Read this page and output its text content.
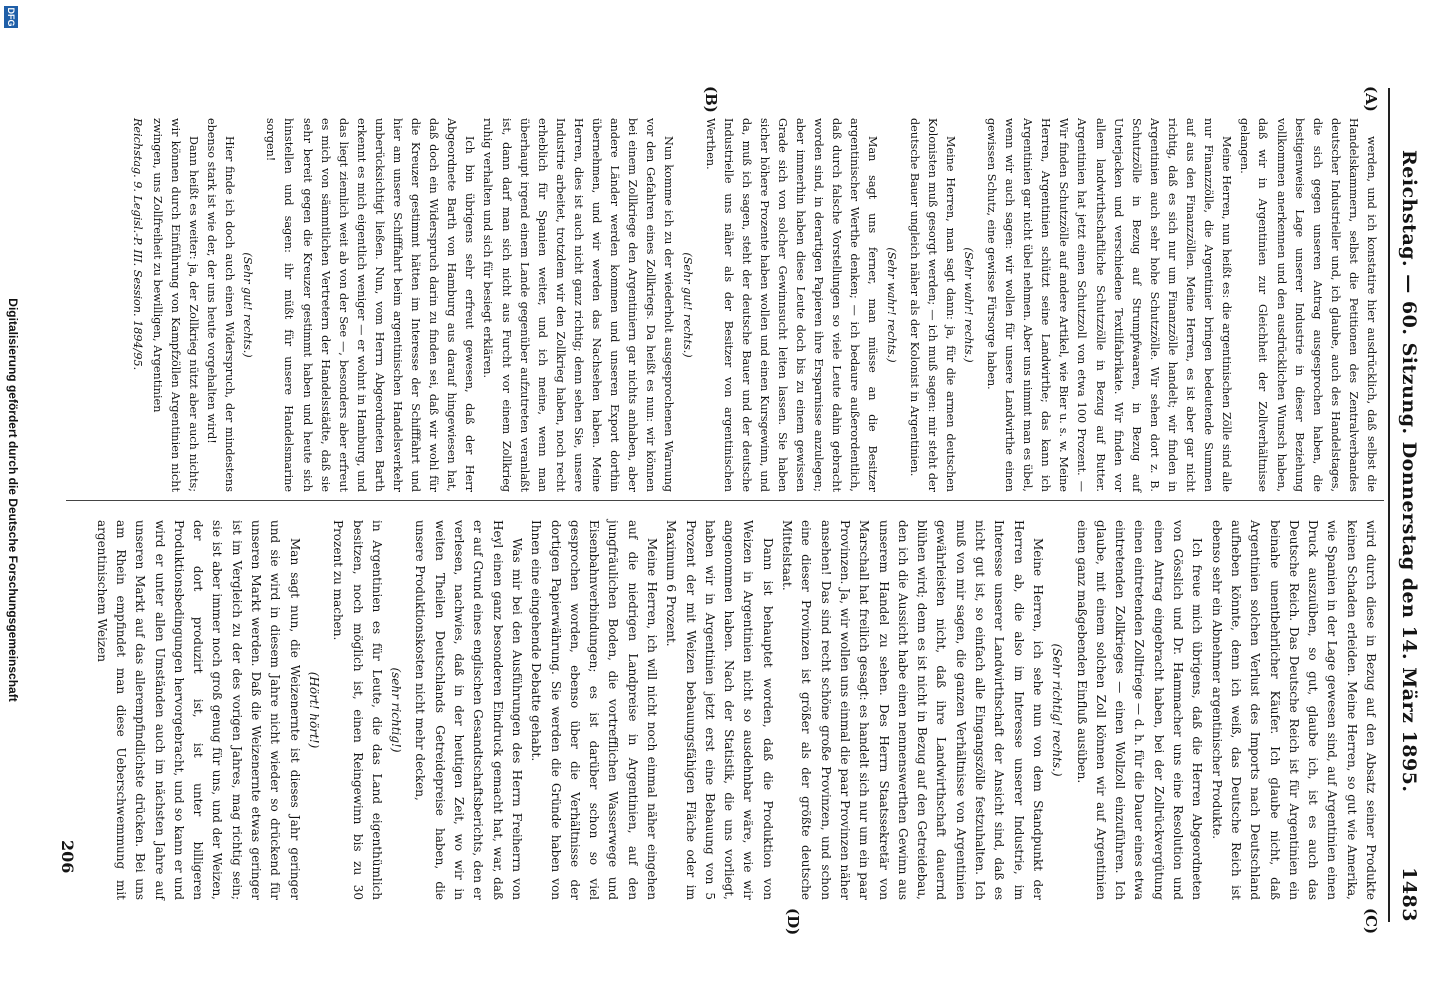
Reichstag. — 60. Sitzung. Donnerstag den 14. März 1895.
1483
(A)
(B)
(C)
(D)

werden, und ich konstatire hier ausdrücklich, daß selbst die Handelskammern, selbst die Petitionen des Zentralverbandes deutscher Industrieller und, ich glaube, auch des Handelstages, die sich gegen unseren Antrag ausgesprochen haben, die bestigenweise Lage unserer Industrie in dieser Beziehung vollkommen anerkennen und den ausdrücklichen Wunsch haben, daß wir in Argentinien zur Gleichheit der Zollverhältnisse gelangen.

Meine Herren, nun heißt es: die argentinischen Zölle sind alle nur Finanzzölle, die Argentinier bringen bedeutende Summen auf aus den Finanzzöllen. Meine Herren, es ist aber gar nicht richtig, daß es sich nur um Finanzzölle handelt; wir finden in Argentinien auch sehr hohe Schutzzölle. Wir sehen dort z. B. Schutzzölle in Bezug auf Strumpfwaaren, in Bezug auf Unterjacken und verschiedene Textilfabrikate. Wir finden vor allem landwirthschaftliche Schutzzölle in Bezug auf Butter. Argentinien hat jetzt einen Schutzzoll von etwa 100 Prozent. — Wir finden Schutzzölle auf andere Artikel, wie Bier u. s. w. Meine Herren, Argentinien schützt seine Landwirthe; das kann ich Argentinien gar nicht übel nehmen. Aber uns nimmt man es übel, wenn wir auch sagen: wir wollen für unsere Landwirthe einen gewissen Schutz, eine gewisse Fürsorge haben.

(Sehr wahr! rechts.)

Meine Herren, man sagt dann: ja, für die armen deutschen Kolonisten muß gesorgt werden; — ich muß sagen: mir steht der deutsche Bauer ungleich näher als der Kolonist in Argentinien.

(Sehr wahr! rechts.)

Man sagt uns ferner, man müsse an die Besitzer argentinischer Werthe denken; — ich bedaure außerordentlich, daß durch falsche Vorstellungen so viele Leute dahin gebracht worden sind, in derartigen Papieren ihre Ersparnisse anzulegen; aber immerhin haben diese Leute doch bis zu einem gewissen Grade sich von solcher Gewinnsucht leiten lassen. Sie haben sicher höhere Prozente haben wollen und einen Kursgewinn, und da, muß ich sagen, steht der deutsche Bauer und der deutsche Industrielle uns näher als der Besitzer von argentinischen Werthen.

(Sehr gut! rechts.)

Nun komme ich zu der wiederholt ausgesprochenen Warnung vor den Gefahren eines Zollkriegs. Da heißt es nun: wir können bei einem Zollkriege den Argentiniern gar nichts anhaben, aber andere Länder werden kommen und unseren Export dorthin übernehmen, und wir werden das Nachsehen haben. Meine Herren, dies ist auch nicht ganz richtig; denn sehen Sie, unsere Industrie arbeitet, trotzdem wir den Zollkrieg haben, noch recht erheblich für Spanien weiter, und ich meine, wenn man überhaupt irgend einem Lande gegenüber aufzutreten veranlaßt ist, dann darf man sich nicht aus Furcht vor einem Zollkrieg ruhig verhalten und sich für besiegt erklären.

Ich bin übrigens sehr erfreut gewesen, daß der Herr Abgeordnete Barth von Hamburg aus darauf hingewiesen hat, daß doch ein Widerspruch darin zu finden sei, daß wir wohl für die Kreuzer gestimmt hätten im Interesse der Schifffahrt und hier am unsere Schifffahrt beim argentinischen Handelsverkehr unberücksichtigt ließen. Nun, vom Herrn Abgeordneten Barth erkennt es mich eigentlich weniger — er wohnt in Hamburg, und das liegt ziemlich weit ab von der See —, besonders aber erfreut es mich von sämmtlichen Vertretern der Handelsstädte, daß sie sehr bereit gegen die Kreuzer gestimmt haben und heute sich hinstellen und sagen: ihr müßt für unsere Handelsmarine sorgen!

(Sehr gut! rechts.)

Hier finde ich doch auch einen Widerspruch, der mindestens ebenso stark ist wie der, der uns heute vorgehalten wird!

Dann heißt es weiter: ja, der Zollkrieg nützt aber auch nichts; wir können durch Einführung von Kampfzöllen Argentinien nicht zwingen, uns Zollfreiheit zu bewilligen, Argentinien

Reichstag. 9. Legisl.-P. III. Session. 1894/95.

wird durch diese in Bezug auf den Absatz seiner Produkte keinen Schaden erleiden. Meine Herren, so gut wie Amerika, wie Spanien in der Lage gewesen sind, auf Argentinien einen Druck auszuüben, so gut, glaube ich, ist es auch das Deutsche Reich. Das Deutsche Reich ist für Argentinien ein beinahe unentbehrlicher Käufer. Ich glaube nicht, daß Argentinien solchen Verlust des Imports nach Deutschland aufheben könnte, denn ich weiß, das Deutsche Reich ist ebenso sehr ein Abnehmer argentinischer Produkte.

Ich freue mich übrigens, daß die Herren Abgeordneten von Gösslich und Dr. Hammacher uns eine Resolution und einen Antrag eingebracht haben, bei der Zollrückvergütung einen eintretenden Zolltriege — d. h. für die Dauer eines etwa eintretenden Zollkrieges — einen Wollzoll einzuführen. Ich glaube, mit einem solchen Zoll können wir auf Argentinien einen ganz maßgebenden Einfluß ausüben.

(Sehr richtig! rechts.)

Meine Herren, ich sehe nun von dem Standpunkt der Herren ab, die also im Interesse unserer Industrie, im Interesse unserer Landwirthschaft der Ansicht sind, daß es nicht gut ist, so einfach alle Eingangszölle festzuhalten. Ich muß von mir sagen, die ganzen Verhältnisse von Argentinien gewährleisten nicht, daß ihre Landwirthschaft dauernd blühen wird; denn es ist nicht in Bezug auf den Getreidebau, den ich die Aussicht habe einen nennenswerthen Gewinn aus unserem Handel zu sehen. Des Herrn Staatssekretär von Marschall hat freilich gesagt: es handelt sich nur um ein paar Provinzen. Ja, wir wollen uns einmal die paar Provinzen näher ansehen! Das sind recht schöne große Provinzen, und schon eine dieser Provinzen ist größer als der größte deutsche Mittelstaat.

Dann ist behauptet worden, daß die Produktion von Weizen in Argentinien nicht so ausdehnbar wäre, wie wir angenommen haben. Nach der Statistik, die uns vorliegt, haben wir in Argentinien jetzt erst eine Bebauung von 5 Prozent der mit Weizen bebauungsfähigen Fläche oder im Maximum 6 Prozent.

Meine Herren, ich will nicht noch einmal näher eingehen auf die niedrigen Landpreise in Argentinien, auf den jungfräulichen Boden, die vortrefflichen Wasserwege und Eisenbahnverbindungen; es ist darüber schon so viel gesprochen worden, ebenso über die Verhältnisse der dortigen Papierwährung. Sie werden die Gründe haben von Ihnen eine eingehende Debatte gehabt.

Was mir bei den Ausführungen des Herrn Freiherrn von Heyl einen ganz besonderen Eindruck gemacht hat, war, daß er auf Grund eines englischen Gesandtschaftsberichts, den er verlesen, nachwies, daß in der heutigen Zeit, wo wir in weiten Theilen Deutschlands Getreidepreise haben, die unsere Produktionskosten nicht mehr decken,

(sehr richtig!)

in Argentinien es für Leute, die das Land eigenthümlich besitzen, noch möglich ist, einen Reingewinn bis zu 30 Prozent zu machen.

(Hört! hört!)

Man sagt nun, die Weizenernte ist dieses Jahr geringer und sie wird in diesem Jahre nicht wieder so drückend für unseren Markt werden. Daß die Weizenernte etwas geringer ist im Vergleich zu der des vorigen Jahres, mag richtig sein; sie ist aber immer noch groß genug für uns, und der Weizen, der dort produzirt ist, ist unter billigeren Produktionsbedingungen hervorgebracht, und so kann er und wird er unter allen Umständen auch im nächsten Jahre auf unseren Markt auf das allerempfindlichste drücken. Bei uns am Rhein empfindet man diese Ueberschwemmung mit argentinischem Weizen

206
DFG
Digitalisierung gefördert durch die Deutsche Forschungsgemeinschaft
